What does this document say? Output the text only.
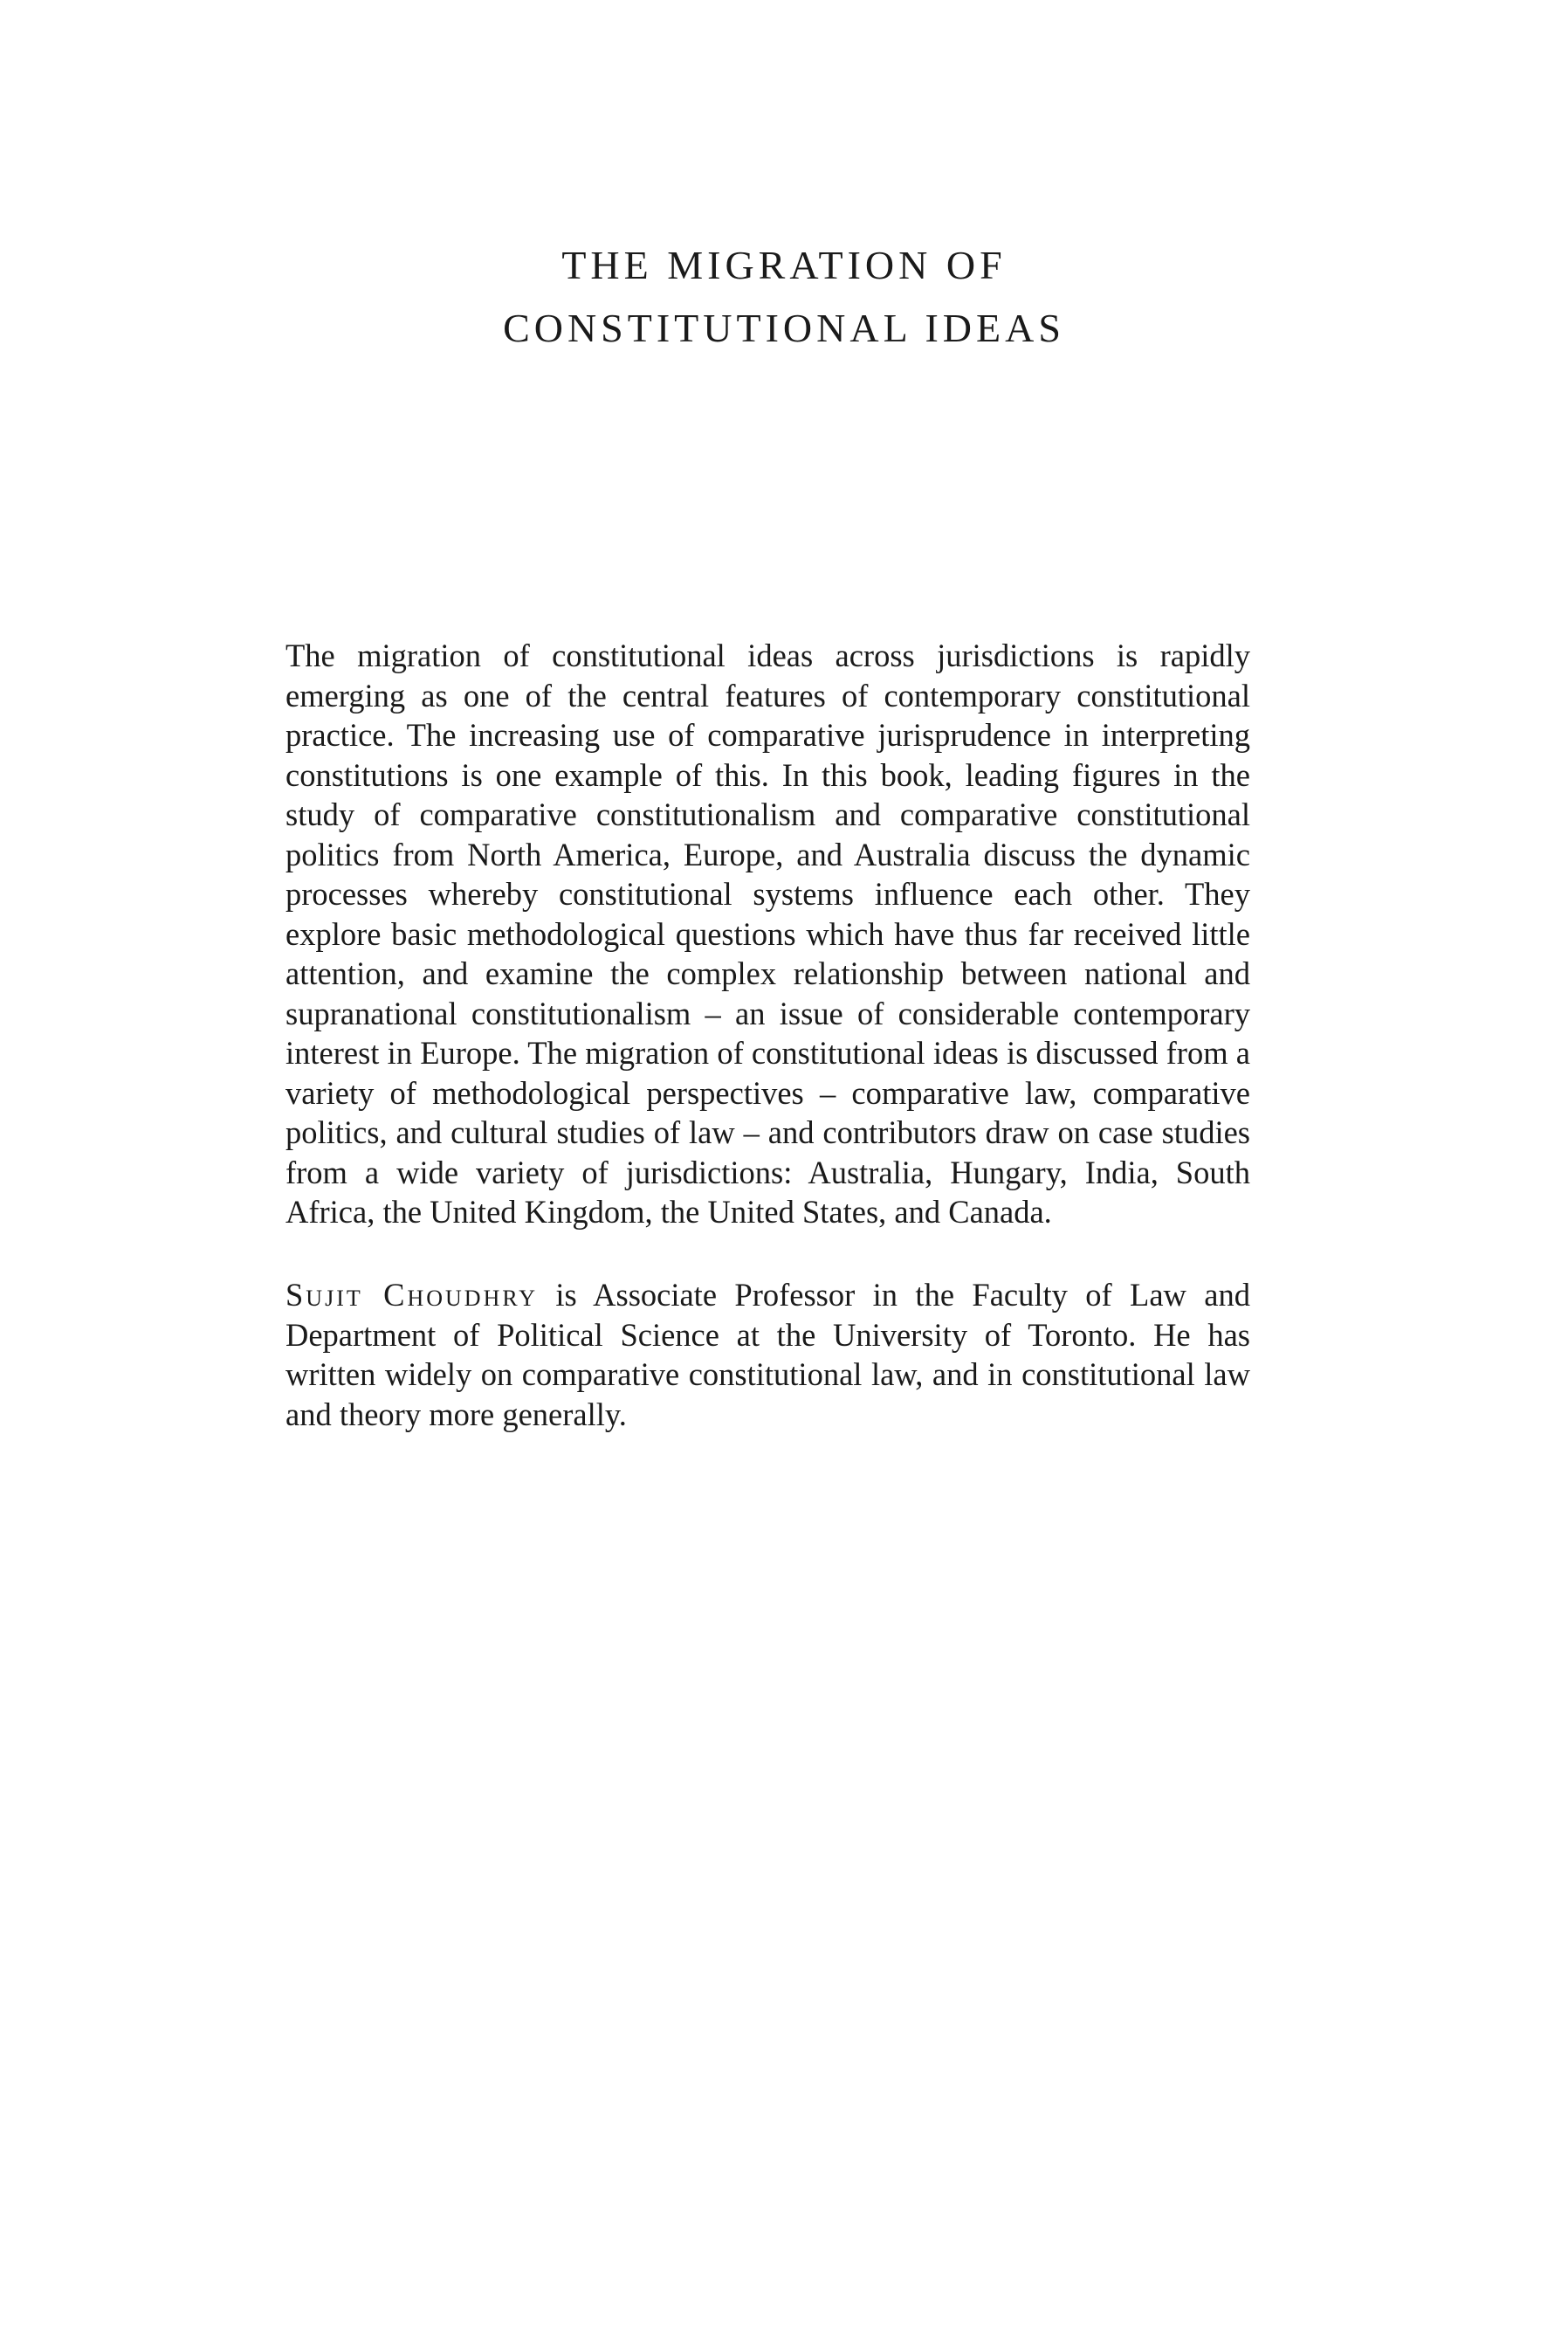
THE MIGRATION OF
CONSTITUTIONAL IDEAS

The migration of constitutional ideas across jurisdictions is rapidly emerging as one of the central features of contemporary constitutional practice. The increasing use of comparative jurisprudence in interpreting constitutions is one example of this. In this book, leading figures in the study of comparative constitutionalism and comparative constitutional politics from North America, Europe, and Australia discuss the dynamic processes whereby constitutional systems influence each other. They explore basic methodological questions which have thus far received little attention, and examine the complex relationship between national and supranational constitutionalism – an issue of considerable contemporary interest in Europe. The migration of constitutional ideas is discussed from a variety of methodological perspectives – comparative law, comparative politics, and cultural studies of law – and contributors draw on case studies from a wide variety of jurisdictions: Australia, Hungary, India, South Africa, the United Kingdom, the United States, and Canada.

Sujit Choudhry is Associate Professor in the Faculty of Law and Department of Political Science at the University of Toronto. He has written widely on comparative constitutional law, and in constitutional law and theory more generally.
